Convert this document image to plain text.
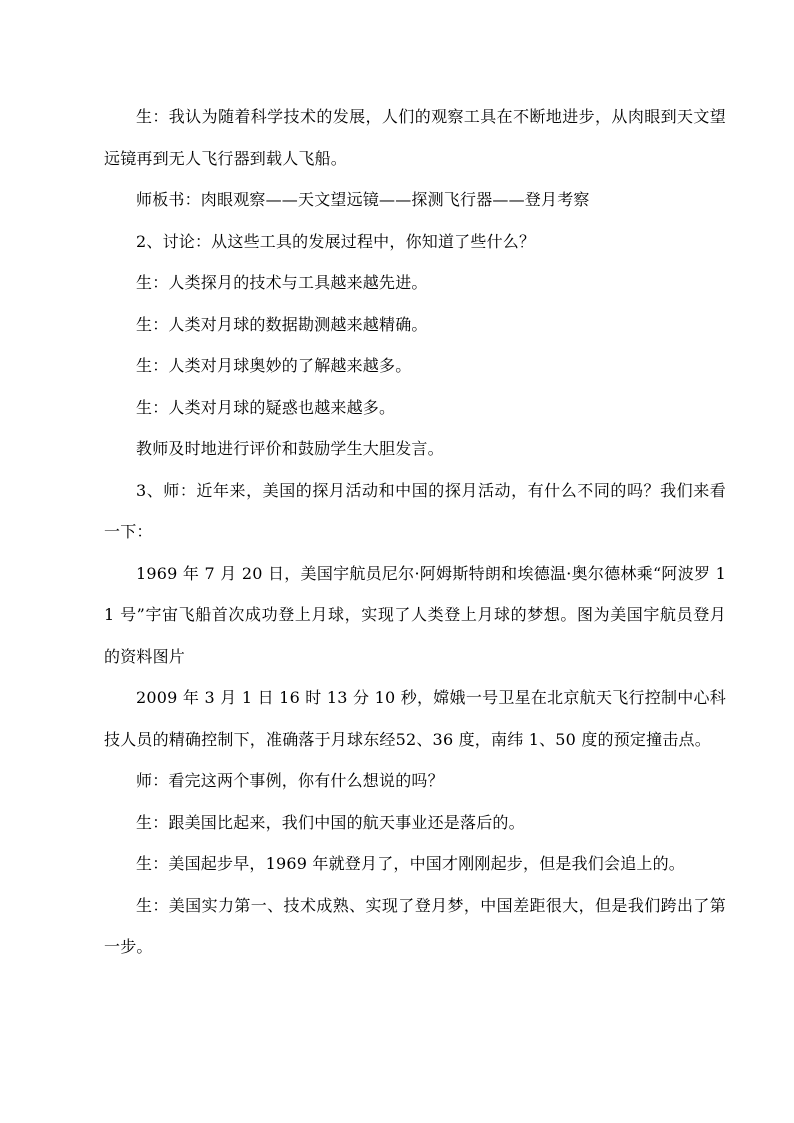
生：我认为随着科学技术的发展，人们的观察工具在不断地进步，从肉眼到天文望远镜再到无人飞行器到载人飞船。

师板书：肉眼观察——天文望远镜——探测飞行器——登月考察

2、讨论：从这些工具的发展过程中，你知道了些什么？

生：人类探月的技术与工具越来越先进。

生：人类对月球的数据勘测越来越精确。

生：人类对月球奥妙的了解越来越多。

生：人类对月球的疑惑也越来越多。

教师及时地进行评价和鼓励学生大胆发言。

3、师：近年来，美国的探月活动和中国的探月活动，有什么不同的吗？我们来看一下：

1969 年 7 月 20 日，美国宇航员尼尔·阿姆斯特朗和埃德温·奥尔德林乘“阿波罗 11 号”宇宙飞船首次成功登上月球，实现了人类登上月球的梦想。图为美国宇航员登月的资料图片

2009 年 3 月 1 日 16 时 13 分 10 秒，嫦娥一号卫星在北京航天飞行控制中心科技人员的精确控制下，准确落于月球东经52、36 度，南纬 1、50 度的预定撞击点。

师：看完这两个事例，你有什么想说的吗？

生：跟美国比起来，我们中国的航天事业还是落后的。

生：美国起步早，1969 年就登月了，中国才刚刚起步，但是我们会追上的。

生：美国实力第一、技术成熟、实现了登月梦，中国差距很大，但是我们跨出了第一步。
